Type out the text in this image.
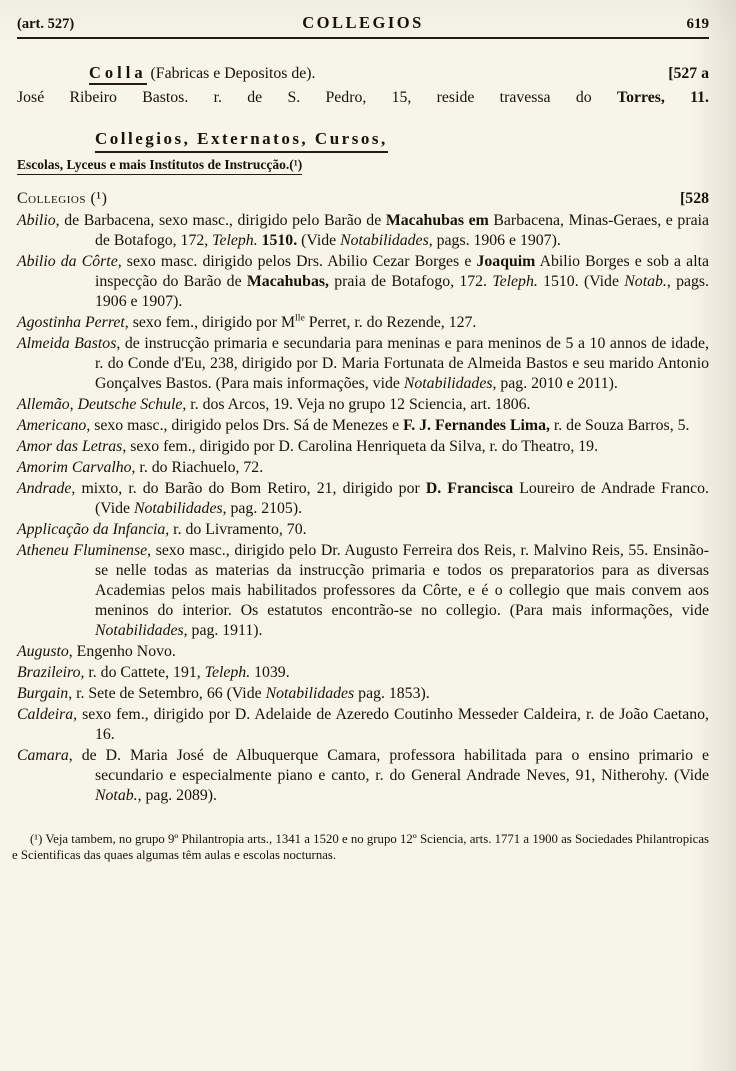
(art. 527)	COLLEGIOS	619
Colla (Fabricas e Depositos de).	[527 a

José Ribeiro Bastos. r. de S. Pedro, 15, reside travessa do Torres, 11.

Collegios, Externatos, Cursos,
Escolas, Lyceus e mais Institutos de Instrucção.(¹)
Collegios (¹)	[528

Abilio, de Barbacena, sexo masc., dirigido pelo Barão de Macahubas em Barbacena, Minas-Geraes, e praia de Botafogo, 172, Teleph. 1510. (Vide Notabilidades, pags. 1906 e 1907).

Abilio da Côrte, sexo masc. dirigido pelos Drs. Abilio Cezar Borges e Joaquim Abilio Borges e sob a alta inspecção do Barão de Macahubas, praia de Botafogo, 172. Teleph. 1510. (Vide Notab., pags. 1906 e 1907).

Agostinha Perret, sexo fem., dirigido por $M^{lle}$ Perret, r. do Rezende, 127.

Almeida Bastos, de instrucção primaria e secundaria para meninas e para meninos de 5 a 10 annos de idade, r. do Conde d'Eu, 238, dirigido por D. Maria Fortunata de Almeida Bastos e seu marido Antonio Gonçalves Bastos. (Para mais informações, vide Notabilidades, pag. 2010 e 2011).

Allemão, Deutsche Schule, r. dos Arcos, 19. Veja no grupo 12 Sciencia, art. 1806.

Americano, sexo masc., dirigido pelos Drs. Sá de Menezes e F. J. Fernandes Lima, r. de Souza Barros, 5.

Amor das Letras, sexo fem., dirigido por D. Carolina Henriqueta da Silva, r. do Theatro, 19.

Amorim Carvalho, r. do Riachuelo, 72.

Andrade, mixto, r. do Barão do Bom Retiro, 21, dirigido por D. Francisca Loureiro de Andrade Franco. (Vide Notabilidades, pag. 2105).

Applicação da Infancia, r. do Livramento, 70.

Atheneu Fluminense, sexo masc., dirigido pelo Dr. Augusto Ferreira dos Reis, r. Malvino Reis, 55. Ensinão-se nelle todas as materias da instrucção primaria e todos os preparatorios para as diversas Academias pelos mais habilitados professores da Côrte, e é o collegio que mais convem aos meninos do interior. Os estatutos encontrão-se no collegio. (Para mais informações, vide Notabilidades, pag. 1911).

Augusto, Engenho Novo.

Brazileiro, r. do Cattete, 191, Teleph. 1039.

Burgain, r. Sete de Setembro, 66 (Vide Notabilidades pag. 1853).

Caldeira, sexo fem., dirigido por D. Adelaide de Azeredo Coutinho Messeder Caldeira, r. de João Caetano, 16.

Camara, de D. Maria José de Albuquerque Camara, professora habilitada para o ensino primario e secundario e especialmente piano e canto, r. do General Andrade Neves, 91, Nitherohy. (Vide Notab., pag. 2089).

(¹) Veja tambem, no grupo 9º Philantropia arts., 1341 a 1520 e no grupo 12º Sciencia, arts. 1771 a 1900 as Sociedades Philantropicas e Scientificas das quaes algumas têm aulas e escolas nocturnas.
